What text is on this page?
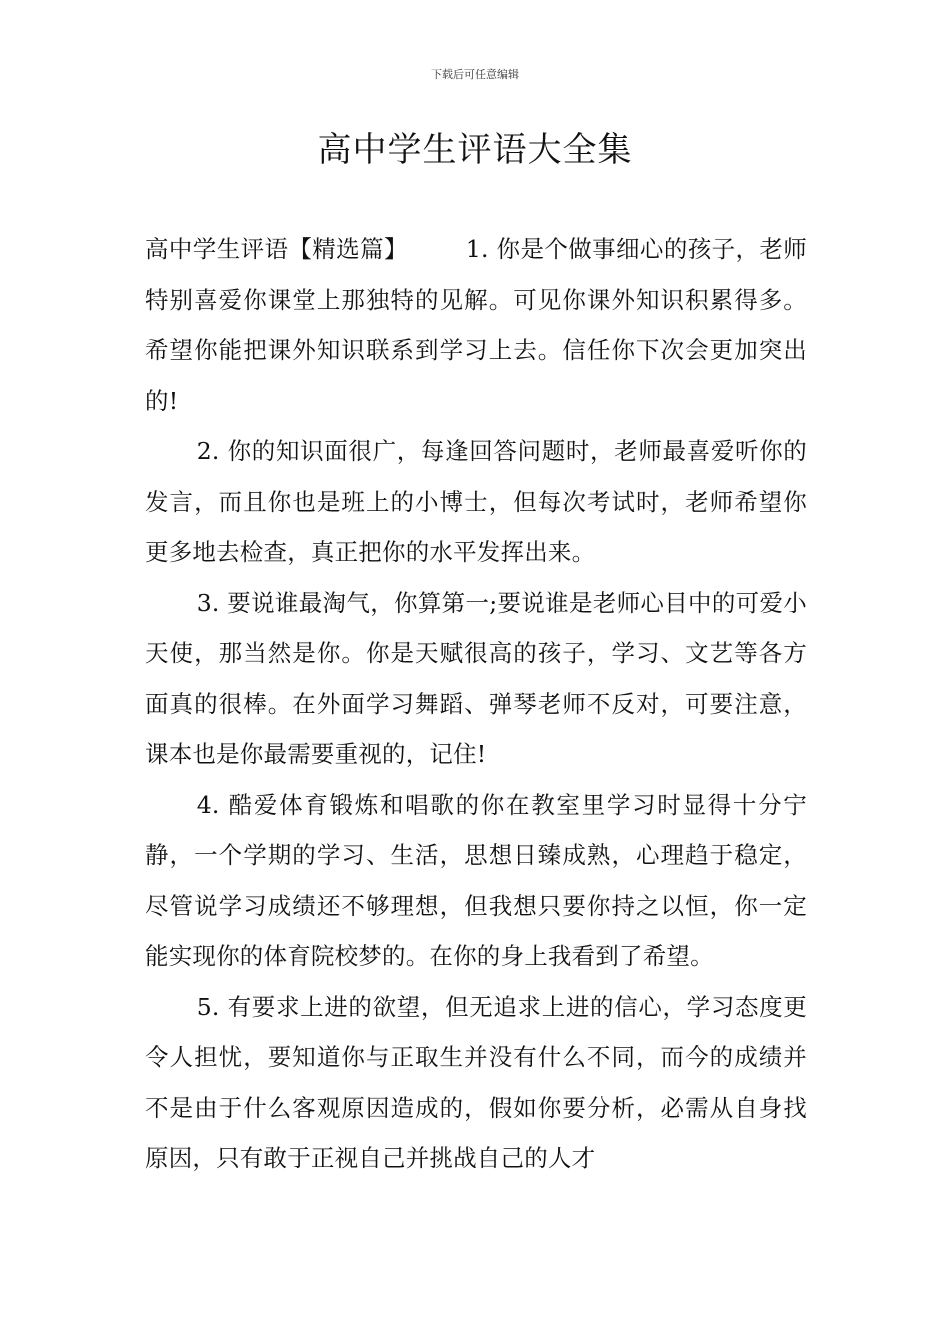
下载后可任意编辑
高中学生评语大全集

高中学生评语【精选篇】 1. 你是个做事细心的孩子，老师特别喜爱你课堂上那独特的见解。可见你课外知识积累得多。希望你能把课外知识联系到学习上去。信任你下次会更加突出的!

2. 你的知识面很广，每逢回答问题时，老师最喜爱听你的发言，而且你也是班上的小博士，但每次考试时，老师希望你更多地去检查，真正把你的水平发挥出来。

3. 要说谁最淘气，你算第一;要说谁是老师心目中的可爱小天使，那当然是你。你是天赋很高的孩子，学习、文艺等各方面真的很棒。在外面学习舞蹈、弹琴老师不反对，可要注意，课本也是你最需要重视的，记住!

4. 酷爱体育锻炼和唱歌的你在教室里学习时显得十分宁静，一个学期的学习、生活，思想日臻成熟，心理趋于稳定，尽管说学习成绩还不够理想，但我想只要你持之以恒，你一定能实现你的体育院校梦的。在你的身上我看到了希望。

5. 有要求上进的欲望，但无追求上进的信心，学习态度更令人担忧，要知道你与正取生并没有什么不同，而今的成绩并不是由于什么客观原因造成的，假如你要分析，必需从自身找原因，只有敢于正视自己并挑战自己的人才
